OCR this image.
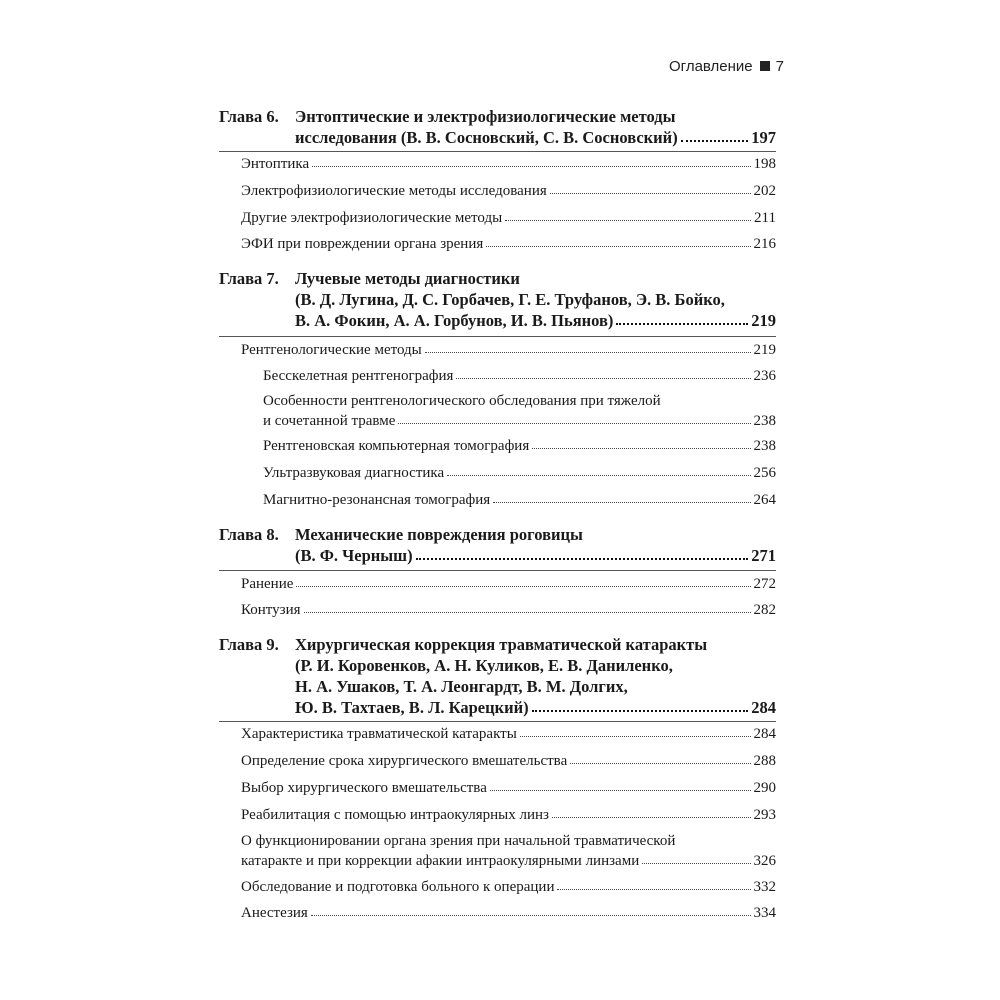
Оглавление 7
Глава 6. Энтоптические и электрофизиологические методы
исследования (В. В. Сосновский, С. В. Сосновский)	197
Энтоптика	198
Электрофизиологические методы исследования	202
Другие электрофизиологические методы	211
ЭФИ при повреждении органа зрения	216
Глава 7. Лучевые методы диагностики
(В. Д. Лугина, Д. С. Горбачев, Г. Е. Труфанов, Э. В. Бойко,
В. А. Фокин, А. А. Горбунов, И. В. Пьянов)	219
Рентгенологические методы	219
Бесскелетная рентгенография	236
Особенности рентгенологического обследования при тяжелой
и сочетанной травме	238
Рентгеновская компьютерная томография	238
Ультразвуковая диагностика	256
Магнитно-резонансная томография	264
Глава 8. Механические повреждения роговицы
(В. Ф. Черныш)	271
Ранение	272
Контузия	282
Глава 9. Хирургическая коррекция травматической катаракты
(Р. И. Коровенков, А. Н. Куликов, Е. В. Даниленко,
Н. А. Ушаков, Т. А. Леонгардт, В. М. Долгих,
Ю. В. Тахтаев, В. Л. Карецкий)	284
Характеристика травматической катаракты	284
Определение срока хирургического вмешательства	288
Выбор хирургического вмешательства	290
Реабилитация с помощью интраокулярных линз	293
О функционировании органа зрения при начальной травматической
катаракте и при коррекции афакии интраокулярными линзами	326
Обследование и подготовка больного к операции	332
Анестезия	334
